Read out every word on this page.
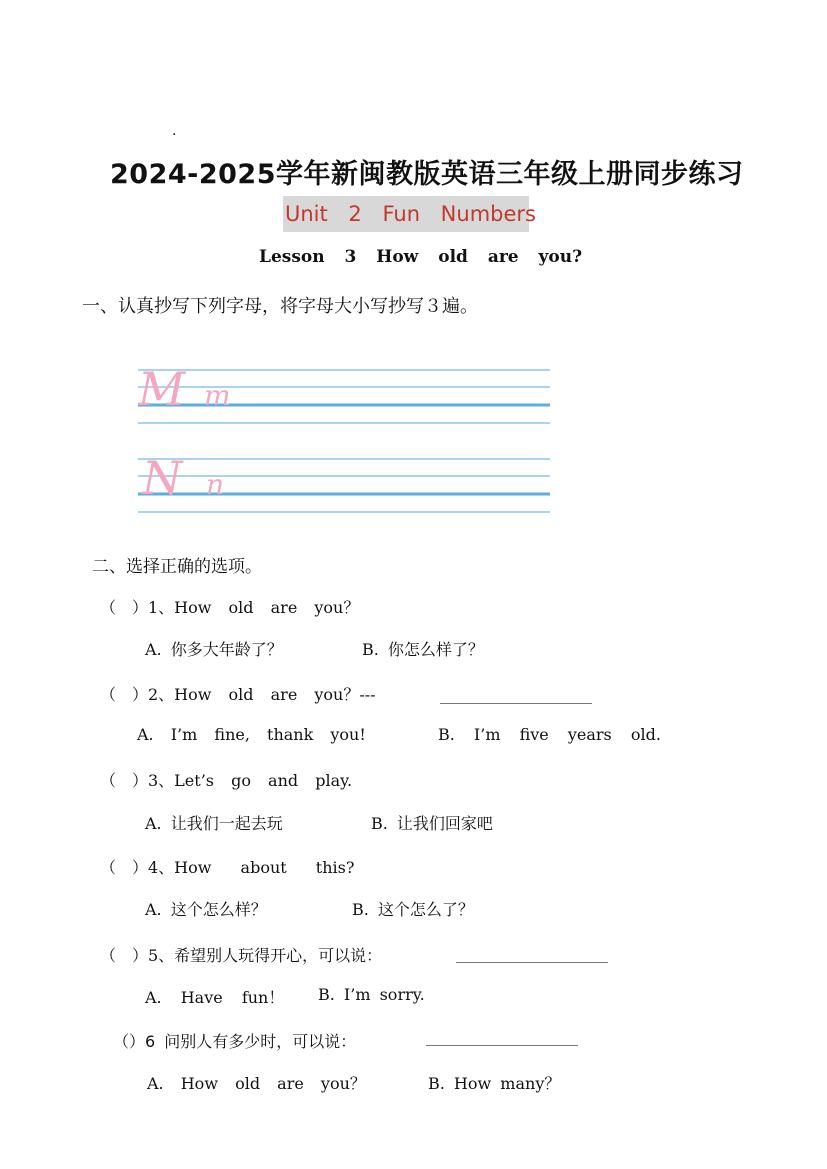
.
2024-2025学年新闽教版英语三年级上册同步练习
Unit 2 Fun Numbers
Lesson 3 How old are you?
一、认真抄写下列字母，将字母大小写抄写３遍。
M m
N n
二、选择正确的选项。
（　）1、How old are you？
A. 你多大年龄了？	B. 你怎么样了？
（　）2、How old are you？---
A. I’m fine, thank you!	B. I’m five years old.
（　）3、Let’s go and play.
A. 让我们一起去玩	B. 让我们回家吧
（　）4、How about this?
A. 这个怎么样？	B. 这个怎么了？
（　）5、希望别人玩得开心，可以说：
A. Have fun！ B. I’m sorry.
（）6 问别人有多少时，可以说：
A. How old are you？	B. How many？
